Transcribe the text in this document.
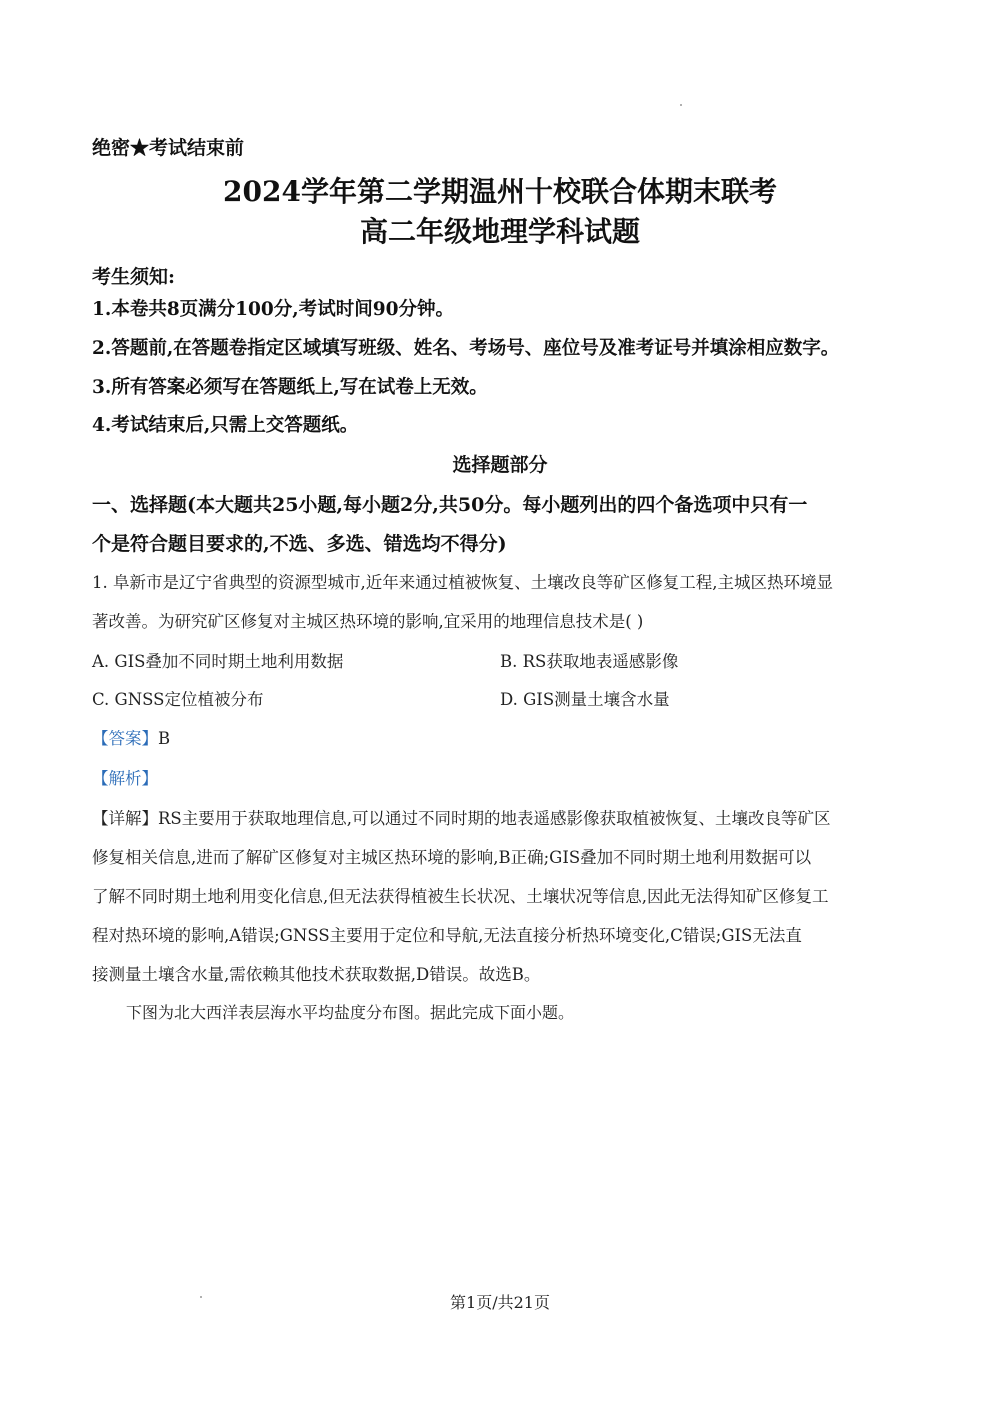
绝密★考试结束前
2024学年第二学期温州十校联合体期末联考
高二年级地理学科试题
考生须知:
1.本卷共8页满分100分,考试时间90分钟。
2.答题前,在答题卷指定区域填写班级、姓名、考场号、座位号及准考证号并填涂相应数字。
3.所有答案必须写在答题纸上,写在试卷上无效。
4.考试结束后,只需上交答题纸。
选择题部分
一、选择题(本大题共25小题,每小题2分,共50分。每小题列出的四个备选项中只有一
个是符合题目要求的,不选、多选、错选均不得分)
1. 阜新市是辽宁省典型的资源型城市,近年来通过植被恢复、土壤改良等矿区修复工程,主城区热环境显
著改善。为研究矿区修复对主城区热环境的影响,宜采用的地理信息技术是( )
A. GIS叠加不同时期土地利用数据	B. RS获取地表遥感影像
C. GNSS定位植被分布	D. GIS测量土壤含水量
【答案】B
【解析】
【详解】RS主要用于获取地理信息,可以通过不同时期的地表遥感影像获取植被恢复、土壤改良等矿区
修复相关信息,进而了解矿区修复对主城区热环境的影响,B正确;GIS叠加不同时期土地利用数据可以
了解不同时期土地利用变化信息,但无法获得植被生长状况、土壤状况等信息,因此无法得知矿区修复工
程对热环境的影响,A错误;GNSS主要用于定位和导航,无法直接分析热环境变化,C错误;GIS无法直
接测量土壤含水量,需依赖其他技术获取数据,D错误。故选B。
下图为北大西洋表层海水平均盐度分布图。据此完成下面小题。
第1页/共21页
